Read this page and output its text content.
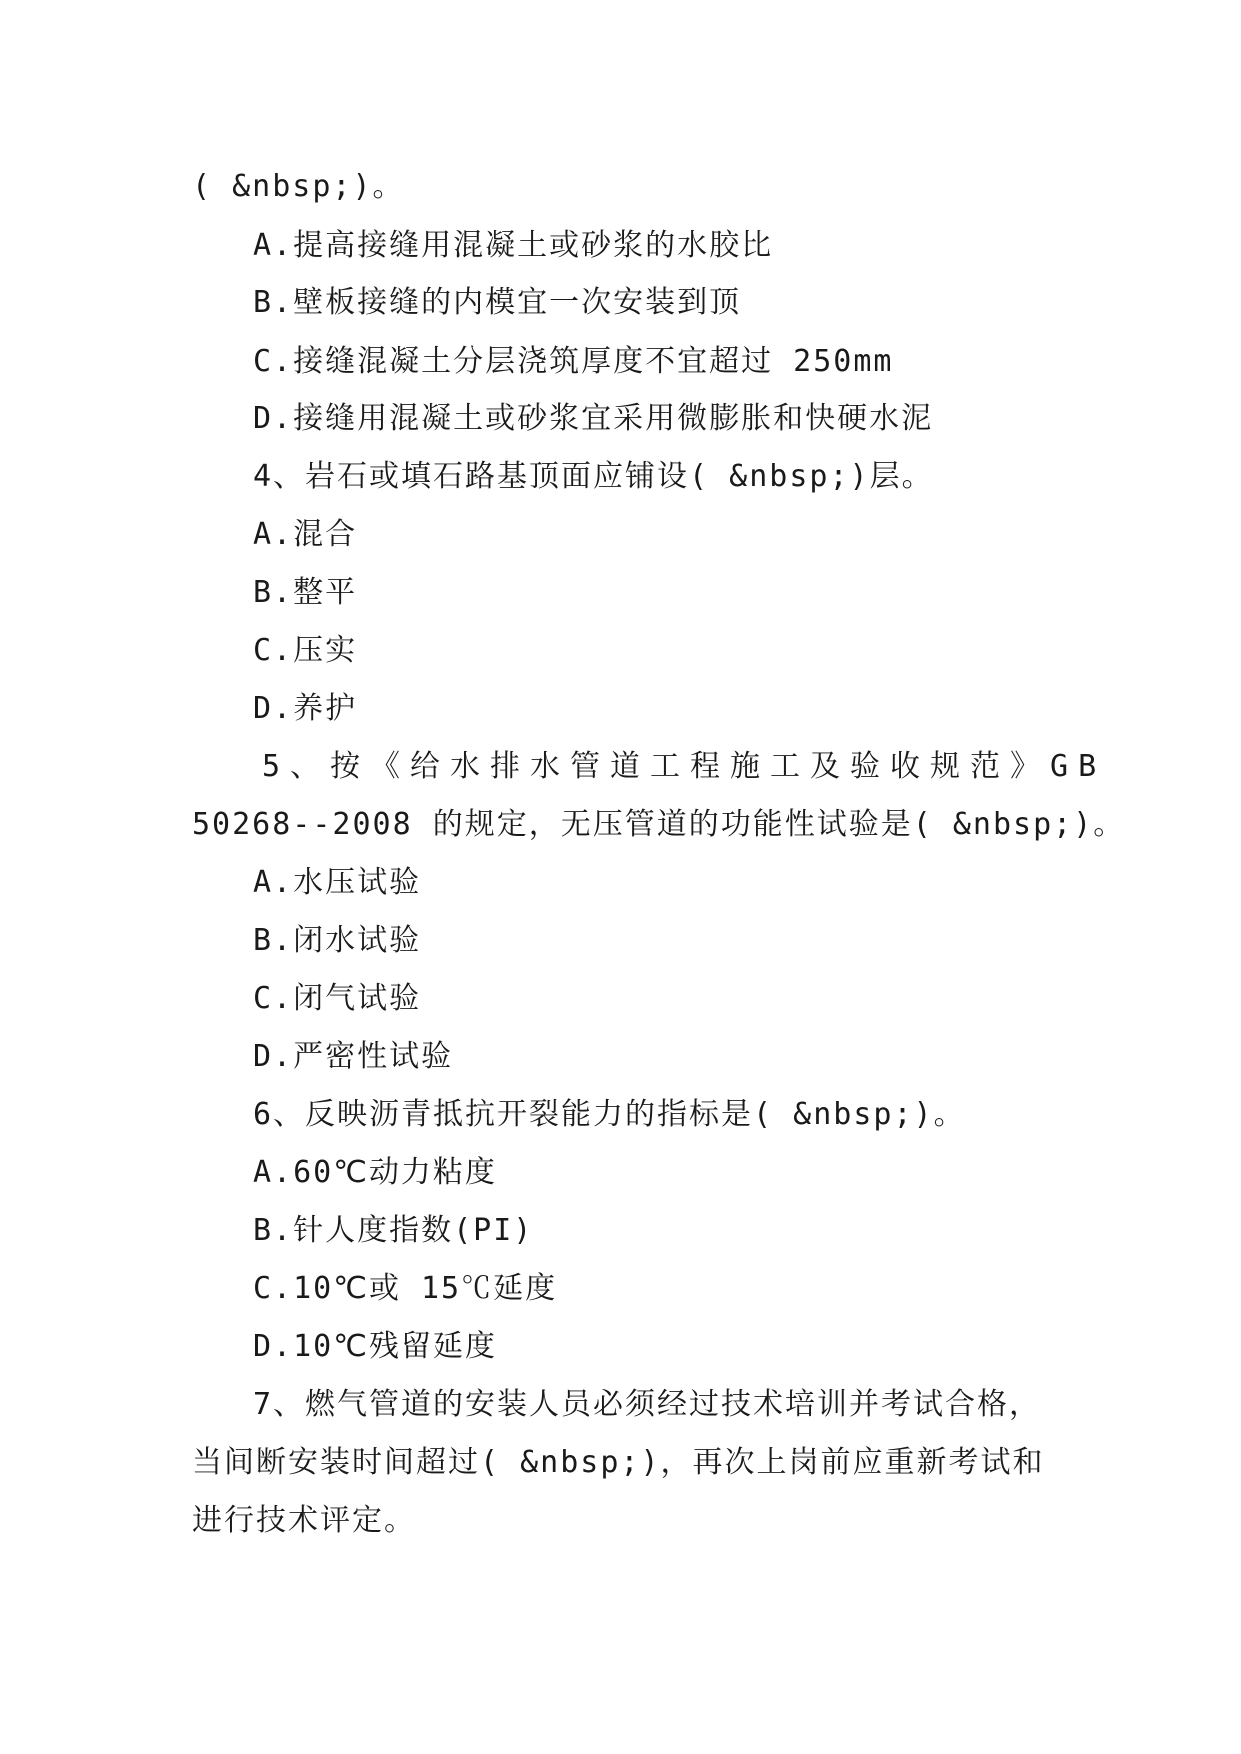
( &nbsp;)。
A.提高接缝用混凝土或砂浆的水胶比
B.壁板接缝的内模宜一次安装到顶
C.接缝混凝土分层浇筑厚度不宜超过 250mm
D.接缝用混凝土或砂浆宜采用微膨胀和快硬水泥
4、岩石或填石路基顶面应铺设( &nbsp;)层。
A.混合
B.整平
C.压实
D.养护
5、按《给水排水管道工程施工及验收规范》GB
50268--2008 的规定，无压管道的功能性试验是( &nbsp;)。
A.水压试验
B.闭水试验
C.闭气试验
D.严密性试验
6、反映沥青抵抗开裂能力的指标是( &nbsp;)。
A.60℃动力粘度
B.针人度指数(PI)
C.10℃或 15℃延度
D.10℃残留延度
7、燃气管道的安装人员必须经过技术培训并考试合格，
当间断安装时间超过( &nbsp;)，再次上岗前应重新考试和
进行技术评定。
